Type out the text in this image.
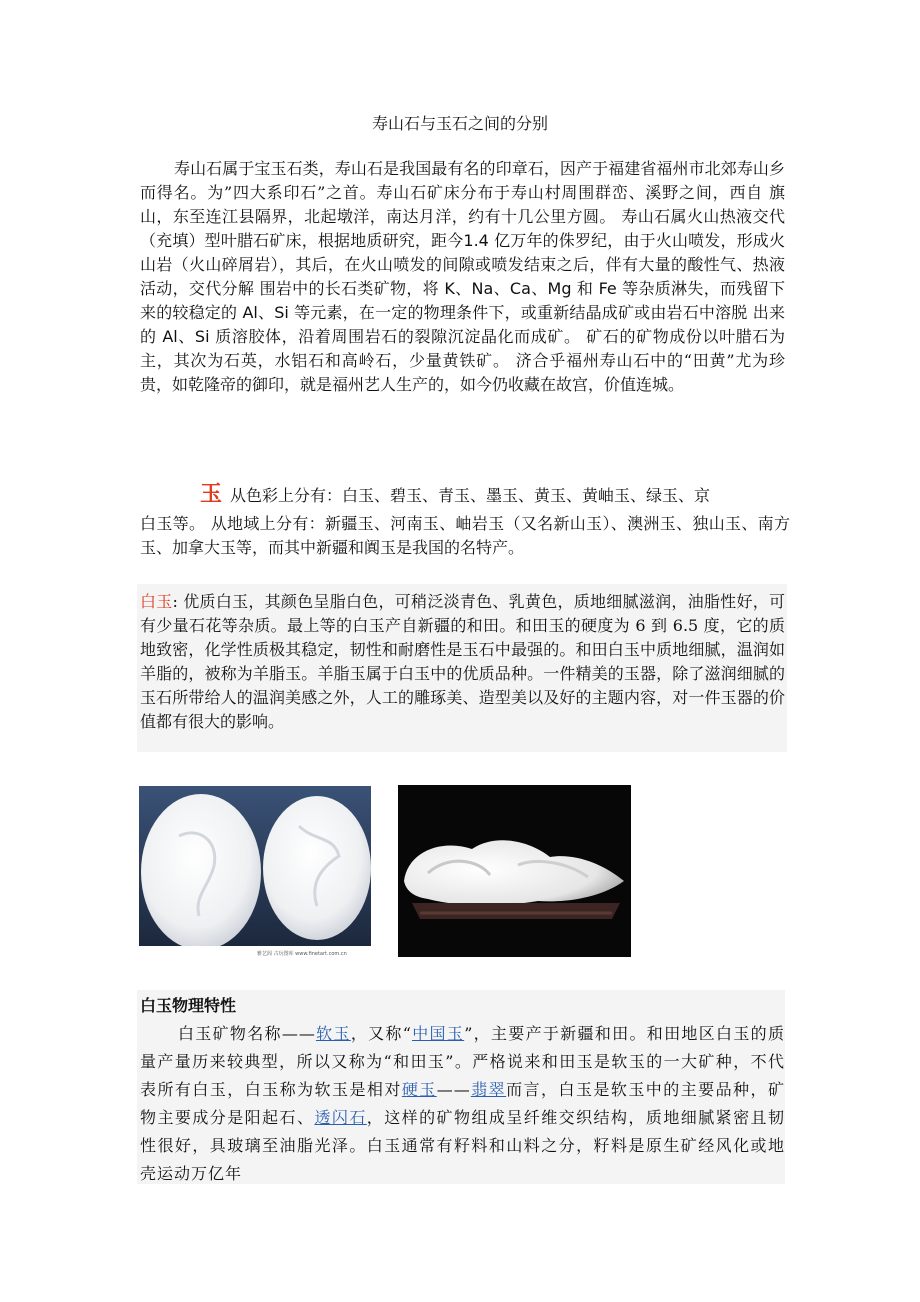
寿山石与玉石之间的分别

寿山石属于宝玉石类，寿山石是我国最有名的印章石，因产于福建省福州市北郊寿山乡而得名。为”四大系印石”之首。寿山石矿床分布于寿山村周围群峦、溪野之间，西自 旗山，东至连江县隔界，北起墩洋，南达月洋，约有十几公里方圆。 寿山石属火山热液交代（充填）型叶腊石矿床，根据地质研究，距今1.4 亿万年的侏罗纪，由于火山喷发，形成火山岩（火山碎屑岩），其后，在火山喷发的间隙或喷发结束之后，伴有大量的酸性气、热液活动，交代分解 围岩中的长石类矿物，将 K、Na、Ca、Mg 和 Fe 等杂质淋失，而残留下来的较稳定的 Al、Si 等元素，在一定的物理条件下，或重新结晶成矿或由岩石中溶脱 出来的 Al、Si 质溶胶体，沿着周围岩石的裂隙沉淀晶化而成矿。 矿石的矿物成份以叶腊石为主，其次为石英，水铝石和高岭石，少量黄铁矿。 济合乎福州寿山石中的“田黄”尤为珍贵，如乾隆帝的御印，就是福州艺人生产的，如今仍收藏在故宫，价值连城。

玉 从色彩上分有：白玉、碧玉、青玉、墨玉、黄玉、黄岫玉、绿玉、京

白玉等。 从地域上分有：新疆玉、河南玉、岫岩玉（又名新山玉）、澳洲玉、独山玉、南方玉、加拿大玉等，而其中新疆和阗玉是我国的名特产。

白玉: 优质白玉，其颜色呈脂白色，可稍泛淡青色、乳黄色，质地细腻滋润，油脂性好，可有少量石花等杂质。最上等的白玉产自新疆的和田。和田玉的硬度为 6 到 6.5 度，它的质地致密，化学性质极其稳定，韧性和耐磨性是玉石中最强的。和田白玉中质地细腻，温润如羊脂的，被称为羊脂玉。羊脂玉属于白玉中的优质品种。一件精美的玉器，除了滋润细腻的玉石所带给人的温润美感之外，人工的雕琢美、造型美以及好的主题内容，对一件玉器的价值都有很大的影响。

雅艺阁 古玩图库 www.finetart.com.cn

白玉物理特性

白玉矿物名称——软玉，又称“中国玉”，主要产于新疆和田。和田地区白玉的质量产量历来较典型，所以又称为“和田玉”。严格说来和田玉是软玉的一大矿种，不代表所有白玉，白玉称为软玉是相对硬玉——翡翠而言，白玉是软玉中的主要品种，矿物主要成分是阳起石、透闪石，这样的矿物组成呈纤维交织结构，质地细腻紧密且韧性很好，具玻璃至油脂光泽。白玉通常有籽料和山料之分，籽料是原生矿经风化或地壳运动万亿年
